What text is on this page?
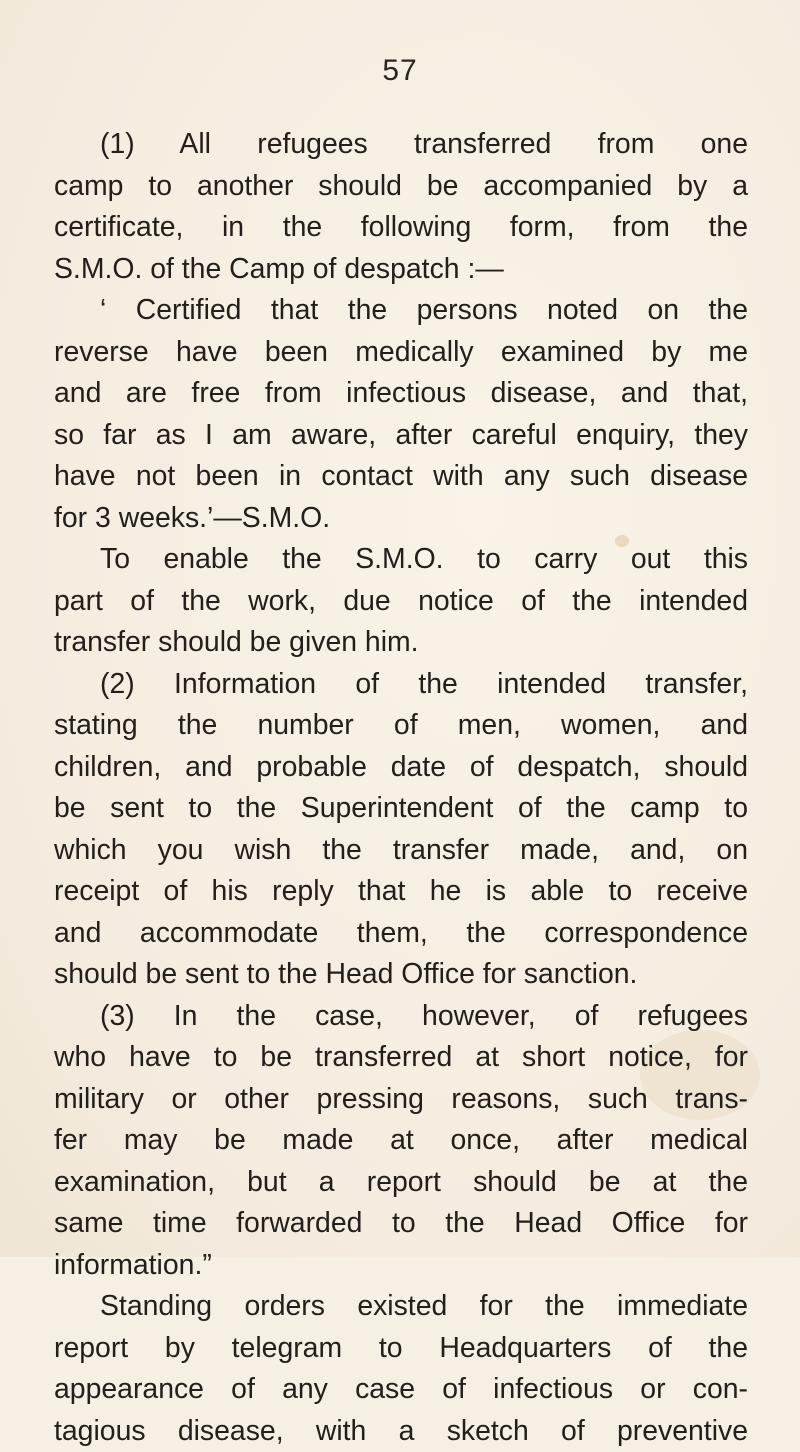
57
(1) All refugees transferred from one
camp to another should be accompanied by a
certificate, in the following form, from the
S.M.O. of the Camp of despatch :—
‘ Certified that the persons noted on the
reverse have been medically examined by me
and are free from infectious disease, and that,
so far as I am aware, after careful enquiry, they
have not been in contact with any such disease
for 3 weeks.’—S.M.O.
To enable the S.M.O. to carry out this
part of the work, due notice of the intended
transfer should be given him.
(2) Information of the intended transfer,
stating the number of men, women, and
children, and probable date of despatch, should
be sent to the Superintendent of the camp to
which you wish the transfer made, and, on
receipt of his reply that he is able to receive
and accommodate them, the correspondence
should be sent to the Head Office for sanction.
(3) In the case, however, of refugees
who have to be transferred at short notice, for
military or other pressing reasons, such trans-
fer may be made at once, after medical
examination, but a report should be at the
same time forwarded to the Head Office for
information.”
Standing orders existed for the immediate
report by telegram to Headquarters of the
appearance of any case of infectious or con-
tagious disease, with a sketch of preventive
